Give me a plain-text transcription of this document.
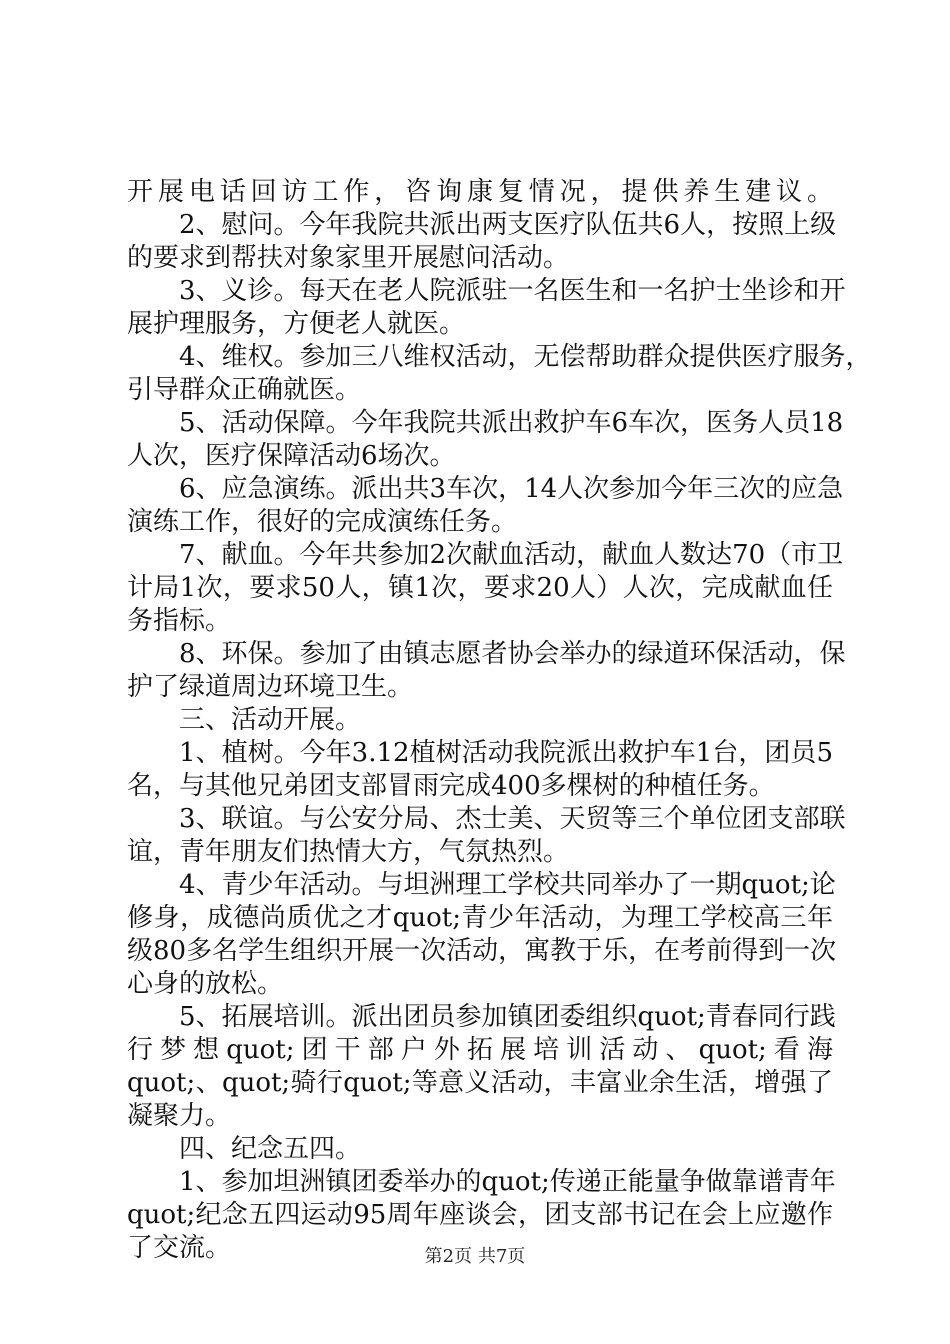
开展电话回访工作，咨询康复情况，提供养生建议。
2、慰问。今年我院共派出两支医疗队伍共6人，按照上级
的要求到帮扶对象家里开展慰问活动。
3、义诊。每天在老人院派驻一名医生和一名护士坐诊和开
展护理服务，方便老人就医。
4、维权。参加三八维权活动，无偿帮助群众提供医疗服务，
引导群众正确就医。
5、活动保障。今年我院共派出救护车6车次，医务人员18
人次，医疗保障活动6场次。
6、应急演练。派出共3车次，14人次参加今年三次的应急
演练工作，很好的完成演练任务。
7、献血。今年共参加2次献血活动，献血人数达70（市卫
计局1次，要求50人，镇1次，要求20人）人次，完成献血任
务指标。
8、环保。参加了由镇志愿者协会举办的绿道环保活动，保
护了绿道周边环境卫生。
三、活动开展。
1、植树。今年3.12植树活动我院派出救护车1台，团员5
名，与其他兄弟团支部冒雨完成400多棵树的种植任务。
3、联谊。与公安分局、杰士美、天贸等三个单位团支部联
谊，青年朋友们热情大方，气氛热烈。
4、青少年活动。与坦洲理工学校共同举办了一期quot;论
修身，成德尚质优之才quot;青少年活动，为理工学校高三年
级80多名学生组织开展一次活动，寓教于乐，在考前得到一次
心身的放松。
5、拓展培训。派出团员参加镇团委组织quot;青春同行践
行梦想quot;团干部户外拓展培训活动、quot;看海
quot;、quot;骑行quot;等意义活动，丰富业余生活，增强了
凝聚力。
四、纪念五四。
1、参加坦洲镇团委举办的quot;传递正能量争做靠谱青年
quot;纪念五四运动95周年座谈会，团支部书记在会上应邀作
了交流。	第2页 共7页
